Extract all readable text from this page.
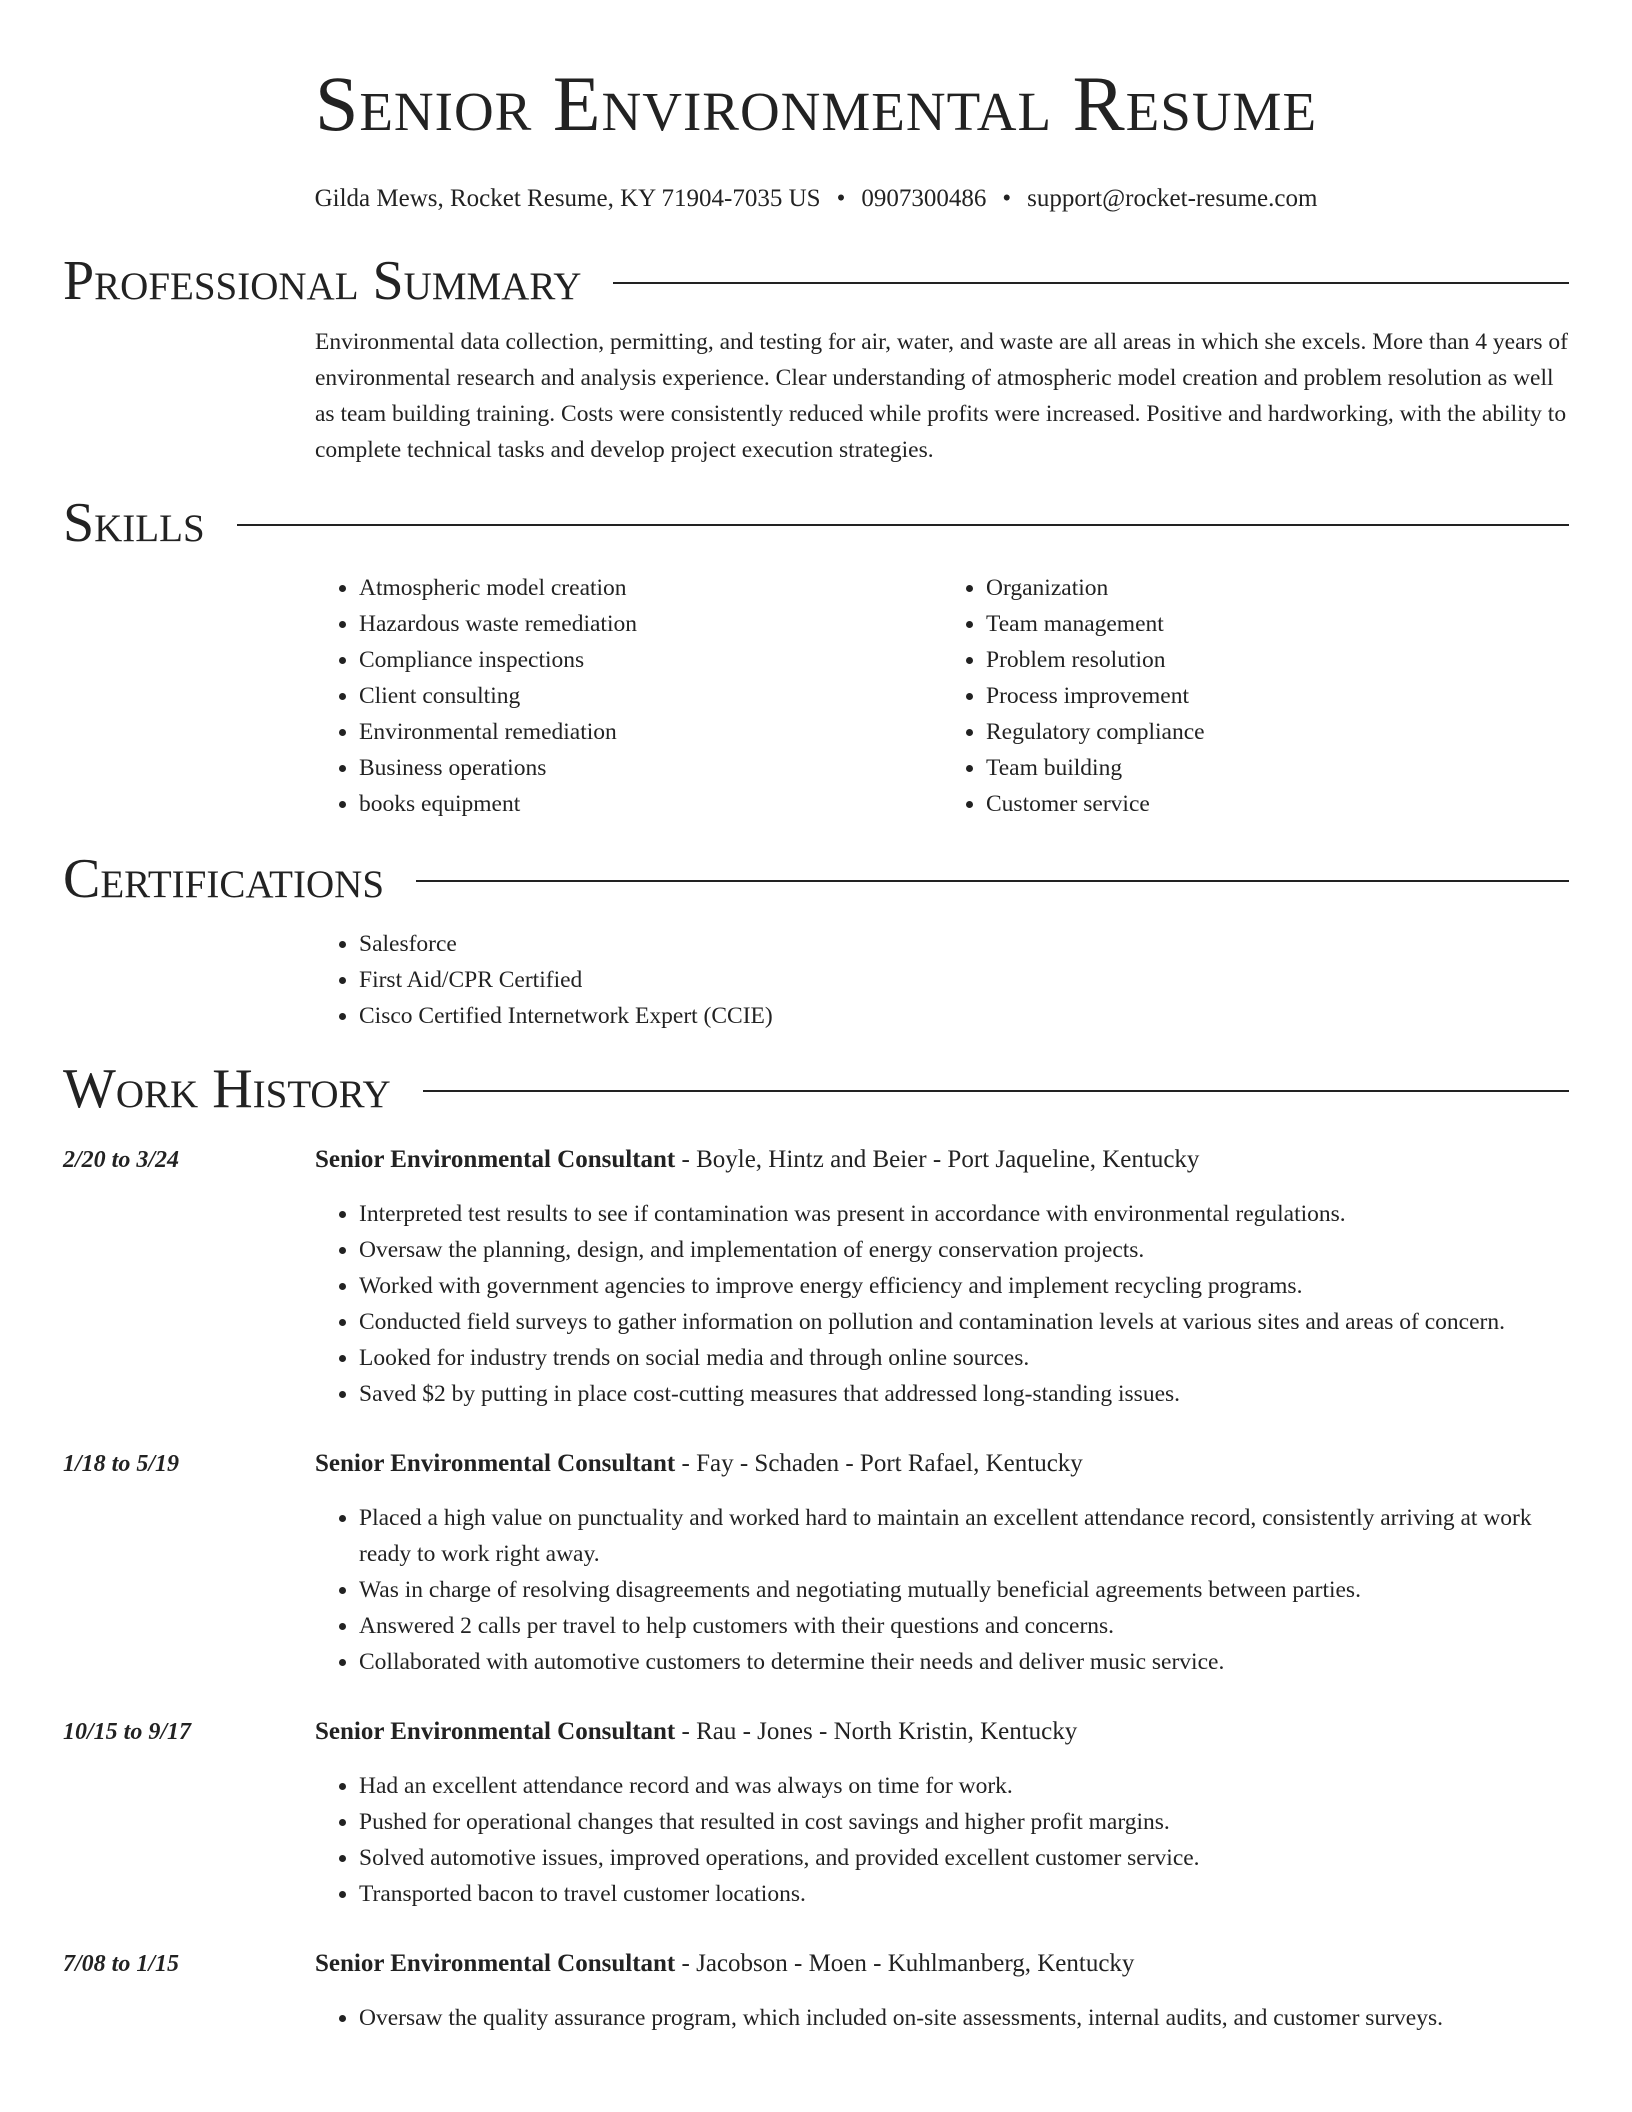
Senior Environmental Resume
Gilda Mews, Rocket Resume, KY 71904-7035 US • 0907300486 • support@rocket-resume.com
Professional Summary

Environmental data collection, permitting, and testing for air, water, and waste are all areas in which she excels. More than 4 years of environmental research and analysis experience. Clear understanding of atmospheric model creation and problem resolution as well as team building training. Costs were consistently reduced while profits were increased. Positive and hardworking, with the ability to complete technical tasks and develop project execution strategies.

Skills
• Atmospheric model creation
• Hazardous waste remediation
• Compliance inspections
• Client consulting
• Environmental remediation
• Business operations
• books equipment
• Organization
• Team management
• Problem resolution
• Process improvement
• Regulatory compliance
• Team building
• Customer service
Certifications
• Salesforce
• First Aid/CPR Certified
• Cisco Certified Internetwork Expert (CCIE)
Work History
2/20 to 3/24	Senior Environmental Consultant - Boyle, Hintz and Beier - Port Jaqueline, Kentucky
• Interpreted test results to see if contamination was present in accordance with environmental regulations.
• Oversaw the planning, design, and implementation of energy conservation projects.
• Worked with government agencies to improve energy efficiency and implement recycling programs.
• Conducted field surveys to gather information on pollution and contamination levels at various sites and areas of concern.
• Looked for industry trends on social media and through online sources.
• Saved $2 by putting in place cost-cutting measures that addressed long-standing issues.
1/18 to 5/19	Senior Environmental Consultant - Fay - Schaden - Port Rafael, Kentucky
• Placed a high value on punctuality and worked hard to maintain an excellent attendance record, consistently arriving at work ready to work right away.
• Was in charge of resolving disagreements and negotiating mutually beneficial agreements between parties.
• Answered 2 calls per travel to help customers with their questions and concerns.
• Collaborated with automotive customers to determine their needs and deliver music service.
10/15 to 9/17	Senior Environmental Consultant - Rau - Jones - North Kristin, Kentucky
• Had an excellent attendance record and was always on time for work.
• Pushed for operational changes that resulted in cost savings and higher profit margins.
• Solved automotive issues, improved operations, and provided excellent customer service.
• Transported bacon to travel customer locations.
7/08 to 1/15	Senior Environmental Consultant - Jacobson - Moen - Kuhlmanberg, Kentucky
• Oversaw the quality assurance program, which included on-site assessments, internal audits, and customer surveys.
